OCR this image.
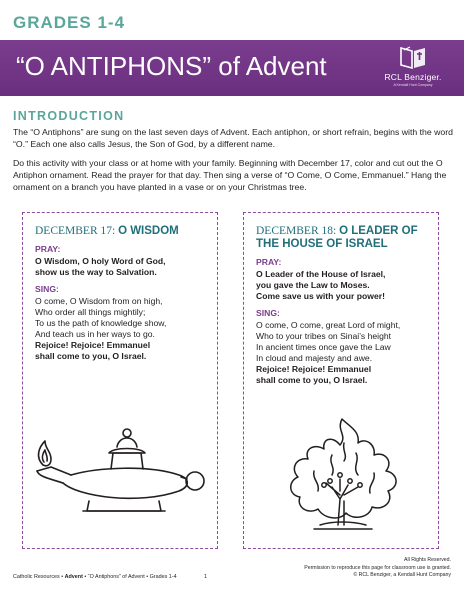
GRADES 1-4
“O ANTIPHONS” of Advent	RCL Benziger.
A Kendall Hunt Company
INTRODUCTION
The “O Antiphons” are sung on the last seven days of Advent. Each antiphon, or short refrain, begins with the word “O.” Each one also calls Jesus, the Son of God, by a different name.
Do this activity with your class or at home with your family. Beginning with December 17, color and cut out the O Antiphon ornament. Read the prayer for that day. Then sing a verse of “O Come, O Come, Emmanuel.” Hang the ornament on a branch you have planted in a vase or on your Christmas tree.
DECEMBER 17: O WISDOM
PRAY:
O Wisdom, O holy Word of God,
show us the way to Salvation.
SING:
O come, O Wisdom from on high,
Who order all things mightily;
To us the path of knowledge show,
And teach us in her ways to go.
Rejoice! Rejoice! Emmanuel
shall come to you, O Israel.
DECEMBER 18: O LEADER OF THE HOUSE OF ISRAEL
PRAY:
O Leader of the House of Israel,
you gave the Law to Moses.
Come save us with your power!
SING:
O come, O come, great Lord of might,
Who to your tribes on Sinai’s height
In ancient times once gave the Law
In cloud and majesty and awe.
Rejoice! Rejoice! Emmanuel
shall come to you, O Israel.
All Rights Reserved.
Permission to reproduce this page for classroom use is granted.
© RCL Benziger, a Kendall Hunt Company
Catholic Resources • Advent • “O Antiphons” of Advent • Grades 1-4	1
